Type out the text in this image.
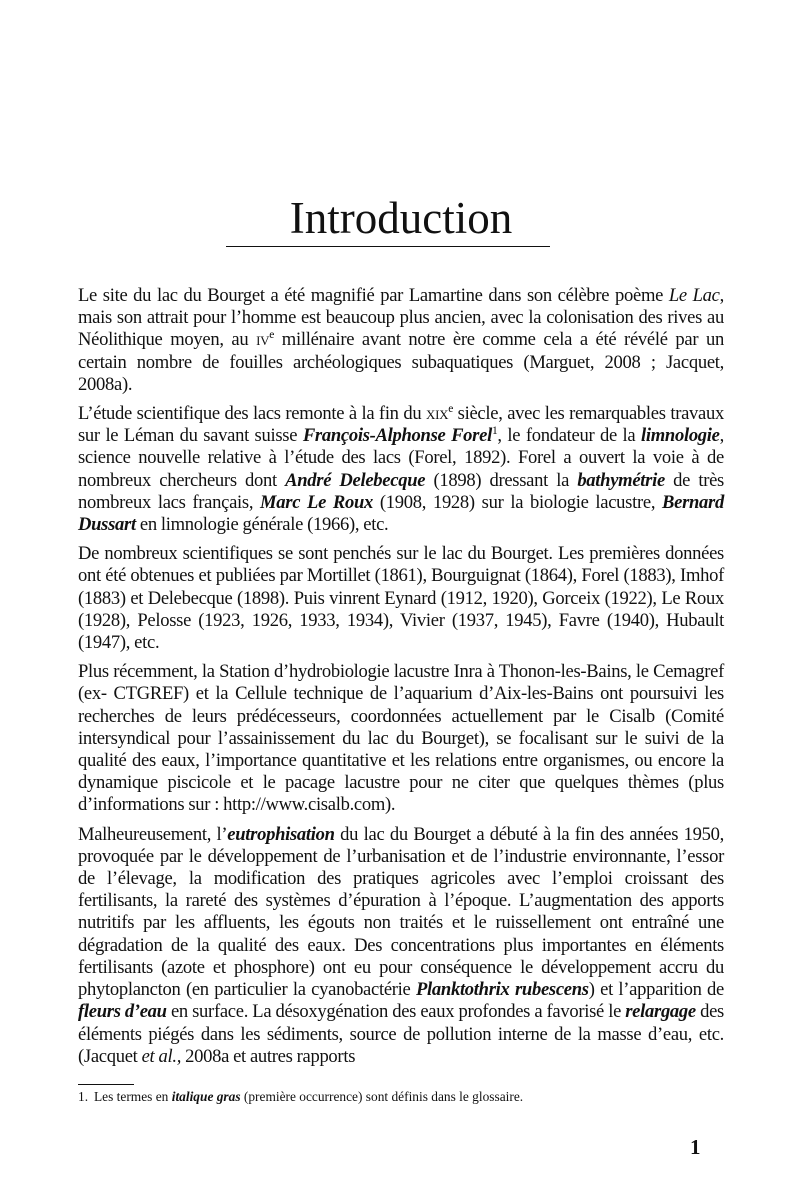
Introduction

Le site du lac du Bourget a été magnifié par Lamartine dans son célèbre poème Le Lac, mais son attrait pour l’homme est beaucoup plus ancien, avec la colonisation des rives au Néolithique moyen, au $iv^e$ millénaire avant notre ère comme cela a été révélé par un certain nombre de fouilles archéologiques subaquatiques (Marguet, 2008 ; Jacquet, 2008a).

L’étude scientifique des lacs remonte à la fin du xix$^e$ siècle, avec les remarquables travaux sur le Léman du savant suisse François-Alphonse Forel$^1$, le fondateur de la limnologie, science nouvelle relative à l’étude des lacs (Forel, 1892). Forel a ouvert la voie à de nombreux chercheurs dont André Delebecque (1898) dressant la bathymétrie de très nombreux lacs français, Marc Le Roux (1908, 1928) sur la biologie lacustre, Bernard Dussart en limnologie générale (1966), etc.

De nombreux scientifiques se sont penchés sur le lac du Bourget. Les premières données ont été obtenues et publiées par Mortillet (1861), Bourguignat (1864), Forel (1883), Imhof (1883) et Delebecque (1898). Puis vinrent Eynard (1912, 1920), Gorceix (1922), Le Roux (1928), Pelosse (1923, 1926, 1933, 1934), Vivier (1937, 1945), Favre (1940), Hubault (1947), etc.

Plus récemment, la Station d’hydrobiologie lacustre Inra à Thonon-les-Bains, le Cemagref (ex- CTGREF) et la Cellule technique de l’aquarium d’Aix-les-Bains ont poursuivi les recherches de leurs prédécesseurs, coordonnées actuellement par le Cisalb (Comité intersyndical pour l’assainissement du lac du Bourget), se focalisant sur le suivi de la qualité des eaux, l’importance quantitative et les relations entre organismes, ou encore la dynamique piscicole et le pacage lacustre pour ne citer que quelques thèmes (plus d’informations sur : http://www.cisalb.com).

Malheureusement, l’eutrophisation du lac du Bourget a débuté à la fin des années 1950, provoquée par le développement de l’urbanisation et de l’industrie environnante, l’essor de l’élevage, la modification des pratiques agricoles avec l’emploi croissant des fertilisants, la rareté des systèmes d’épuration à l’époque. L’augmentation des apports nutritifs par les affluents, les égouts non traités et le ruissellement ont entraîné une dégradation de la qualité des eaux. Des concentrations plus importantes en éléments fertilisants (azote et phosphore) ont eu pour conséquence le développement accru du phytoplancton (en particulier la cyanobactérie Planktothrix rubescens) et l’apparition de fleurs d’eau en surface. La désoxygénation des eaux profondes a favorisé le relargage des éléments piégés dans les sédiments, source de pollution interne de la masse d’eau, etc. (Jacquet et al., 2008a et autres rapports

1. Les termes en italique gras (première occurrence) sont définis dans le glossaire.
1
